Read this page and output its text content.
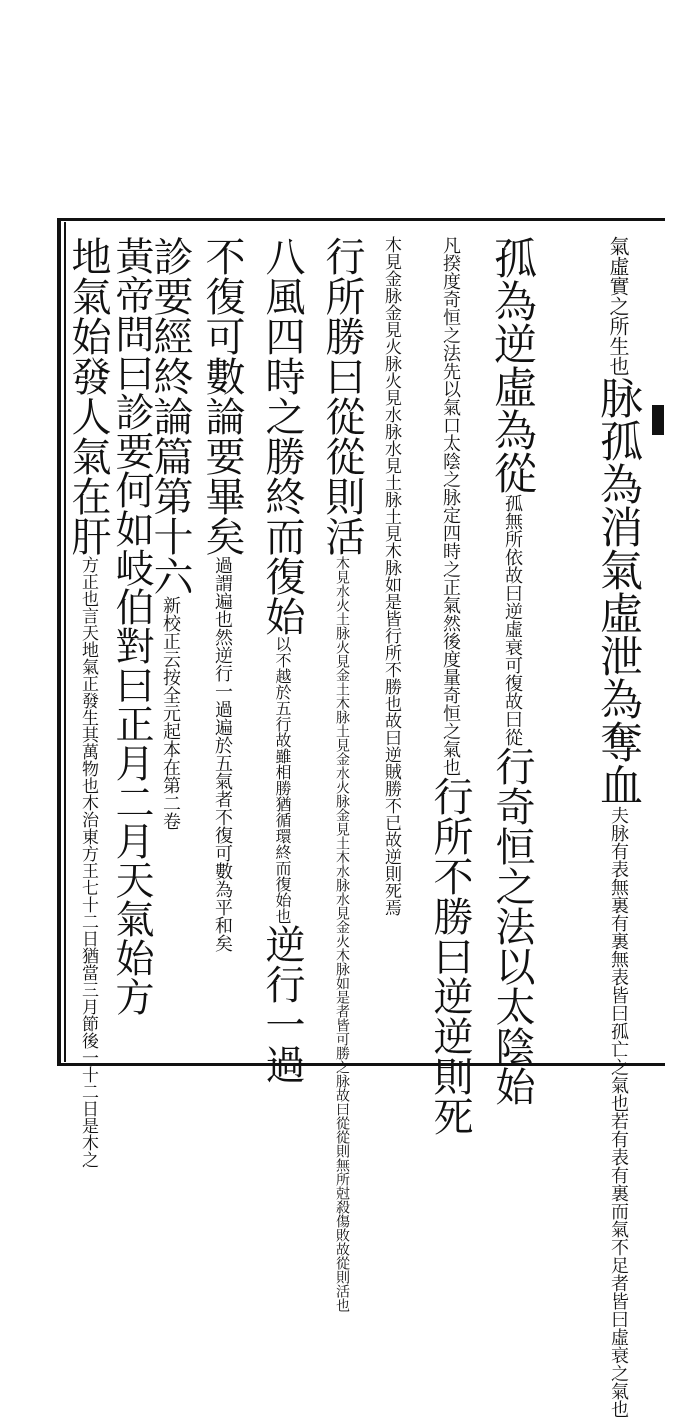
氣虛實之所生也脉孤為消氣虛泄為奪血夫脉有表無裏有裏無表皆曰孤亡之氣也若有表有裏而氣不足者皆曰虛衰之氣也
孤為逆虛為從孤無所依故曰逆虛衰可復故曰從行奇恒之法以太陰始
凡揆度奇恒之法先以氣口太陰之脉定四時之正氣然後度量奇恒之氣也行所不勝曰逆逆則死
木見金脉金見火脉火見水脉水見土脉土見木脉如是皆行所不勝也故曰逆賊勝不已故逆則死焉
行所勝曰從從則活木見水火土脉火見金土木脉土見金水火脉金見土木水脉水見金火木脉如是者皆可勝之脉故曰從從則無所尅殺傷敗故從則活也
八風四時之勝終而復始以不越於五行故雖相勝猶循環終而復始也逆行一過
不復可數論要畢矣過謂遍也然逆行一過遍於五氣者不復可數為平和矣
診要經終論篇第十六新校正云按全元起本在第二卷
黃帝問曰診要何如岐伯對曰正月二月天氣始方
地氣始發人氣在肝方正也言天地氣正發生其萬物也木治東方王七十二日猶當三月節後一十二日是木之
